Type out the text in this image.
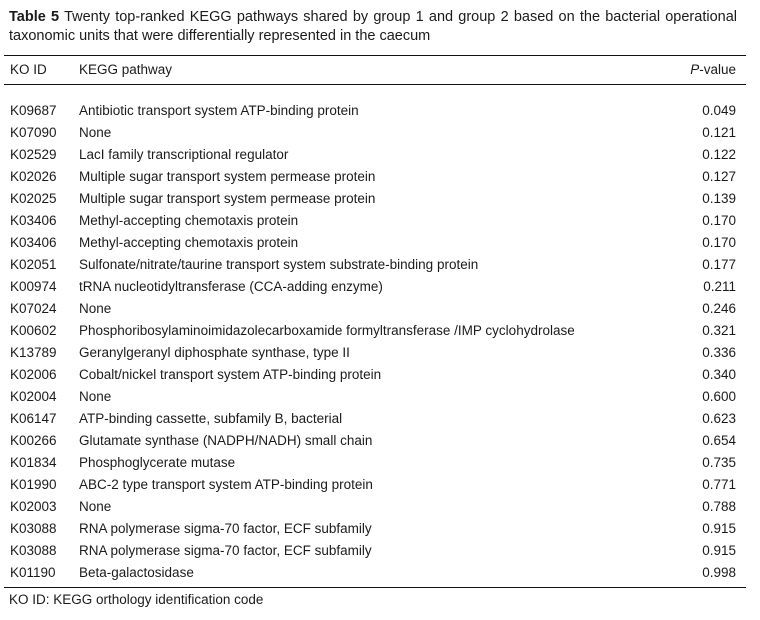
Table 5 Twenty top-ranked KEGG pathways shared by group 1 and group 2 based on the bacterial operational taxonomic units that were differentially represented in the caecum
KO ID	KEGG pathway	P-value
K09687	Antibiotic transport system ATP-binding protein	0.049
K07090	None	0.121
K02529	LacI family transcriptional regulator	0.122
K02026	Multiple sugar transport system permease protein	0.127
K02025	Multiple sugar transport system permease protein	0.139
K03406	Methyl-accepting chemotaxis protein	0.170
K03406	Methyl-accepting chemotaxis protein	0.170
K02051	Sulfonate/nitrate/taurine transport system substrate-binding protein	0.177
K00974	tRNA nucleotidyltransferase (CCA-adding enzyme)	0.211
K07024	None	0.246
K00602	Phosphoribosylaminoimidazolecarboxamide formyltransferase /IMP cyclohydrolase	0.321
K13789	Geranylgeranyl diphosphate synthase, type II	0.336
K02006	Cobalt/nickel transport system ATP-binding protein	0.340
K02004	None	0.600
K06147	ATP-binding cassette, subfamily B, bacterial	0.623
K00266	Glutamate synthase (NADPH/NADH) small chain	0.654
K01834	Phosphoglycerate mutase	0.735
K01990	ABC-2 type transport system ATP-binding protein	0.771
K02003	None	0.788
K03088	RNA polymerase sigma-70 factor, ECF subfamily	0.915
K03088	RNA polymerase sigma-70 factor, ECF subfamily	0.915
K01190	Beta-galactosidase	0.998
KO ID: KEGG orthology identification code
